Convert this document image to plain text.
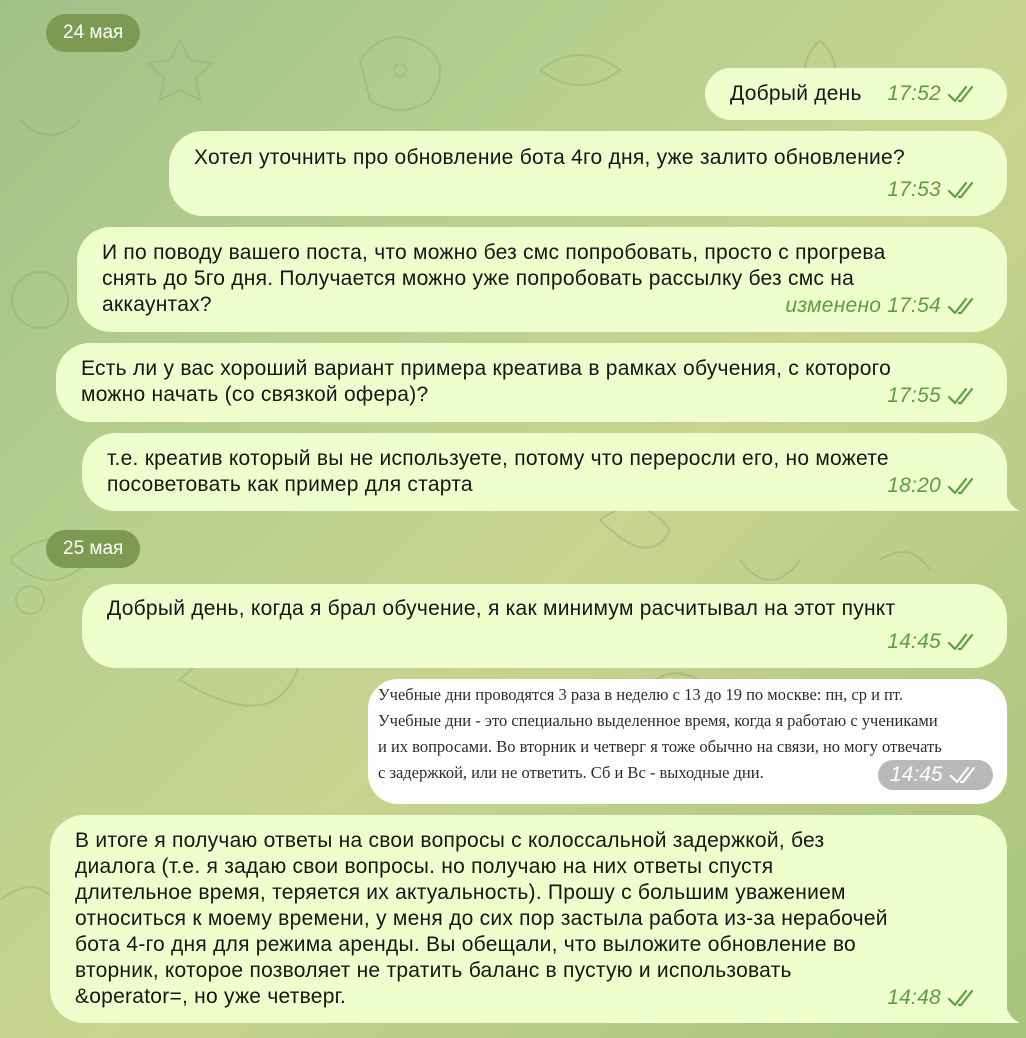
24 мая
Добрый день 17:52
Хотел уточнить про обновление бота 4го дня, уже залито обновление?
17:53
И по поводу вашего поста, что можно без смс попробовать, просто с прогрева
снять до 5го дня. Получается можно уже попробовать рассылку без смс на
аккаунтах?	изменено 17:54
Есть ли у вас хороший вариант примера креатива в рамках обучения, с которого
можно начать (со связкой офера)?	17:55
т.е. креатив который вы не используете, потому что переросли его, но можете
посоветовать как пример для старта	18:20
25 мая
Добрый день, когда я брал обучение, я как минимум расчитывал на этот пункт
14:45
Учебные дни проводятся 3 раза в неделю с 13 до 19 по москве: пн, ср и пт.
Учебные дни - это специально выделенное время, когда я работаю с учениками
и их вопросами. Во вторник и четверг я тоже обычно на связи, но могу отвечать
с задержкой, или не ответить. Сб и Вс - выходные дни.	14:45
В итоге я получаю ответы на свои вопросы с колоссальной задержкой, без
диалога (т.е. я задаю свои вопросы. но получаю на них ответы спустя
длительное время, теряется их актуальность). Прошу с большим уважением
относиться к моему времени, у меня до сих пор застыла работа из-за нерабочей
бота 4-го дня для режима аренды. Вы обещали, что выложите обновление во
вторник, которое позволяет не тратить баланс в пустую и использовать
&operator=, но уже четверг.	14:48
